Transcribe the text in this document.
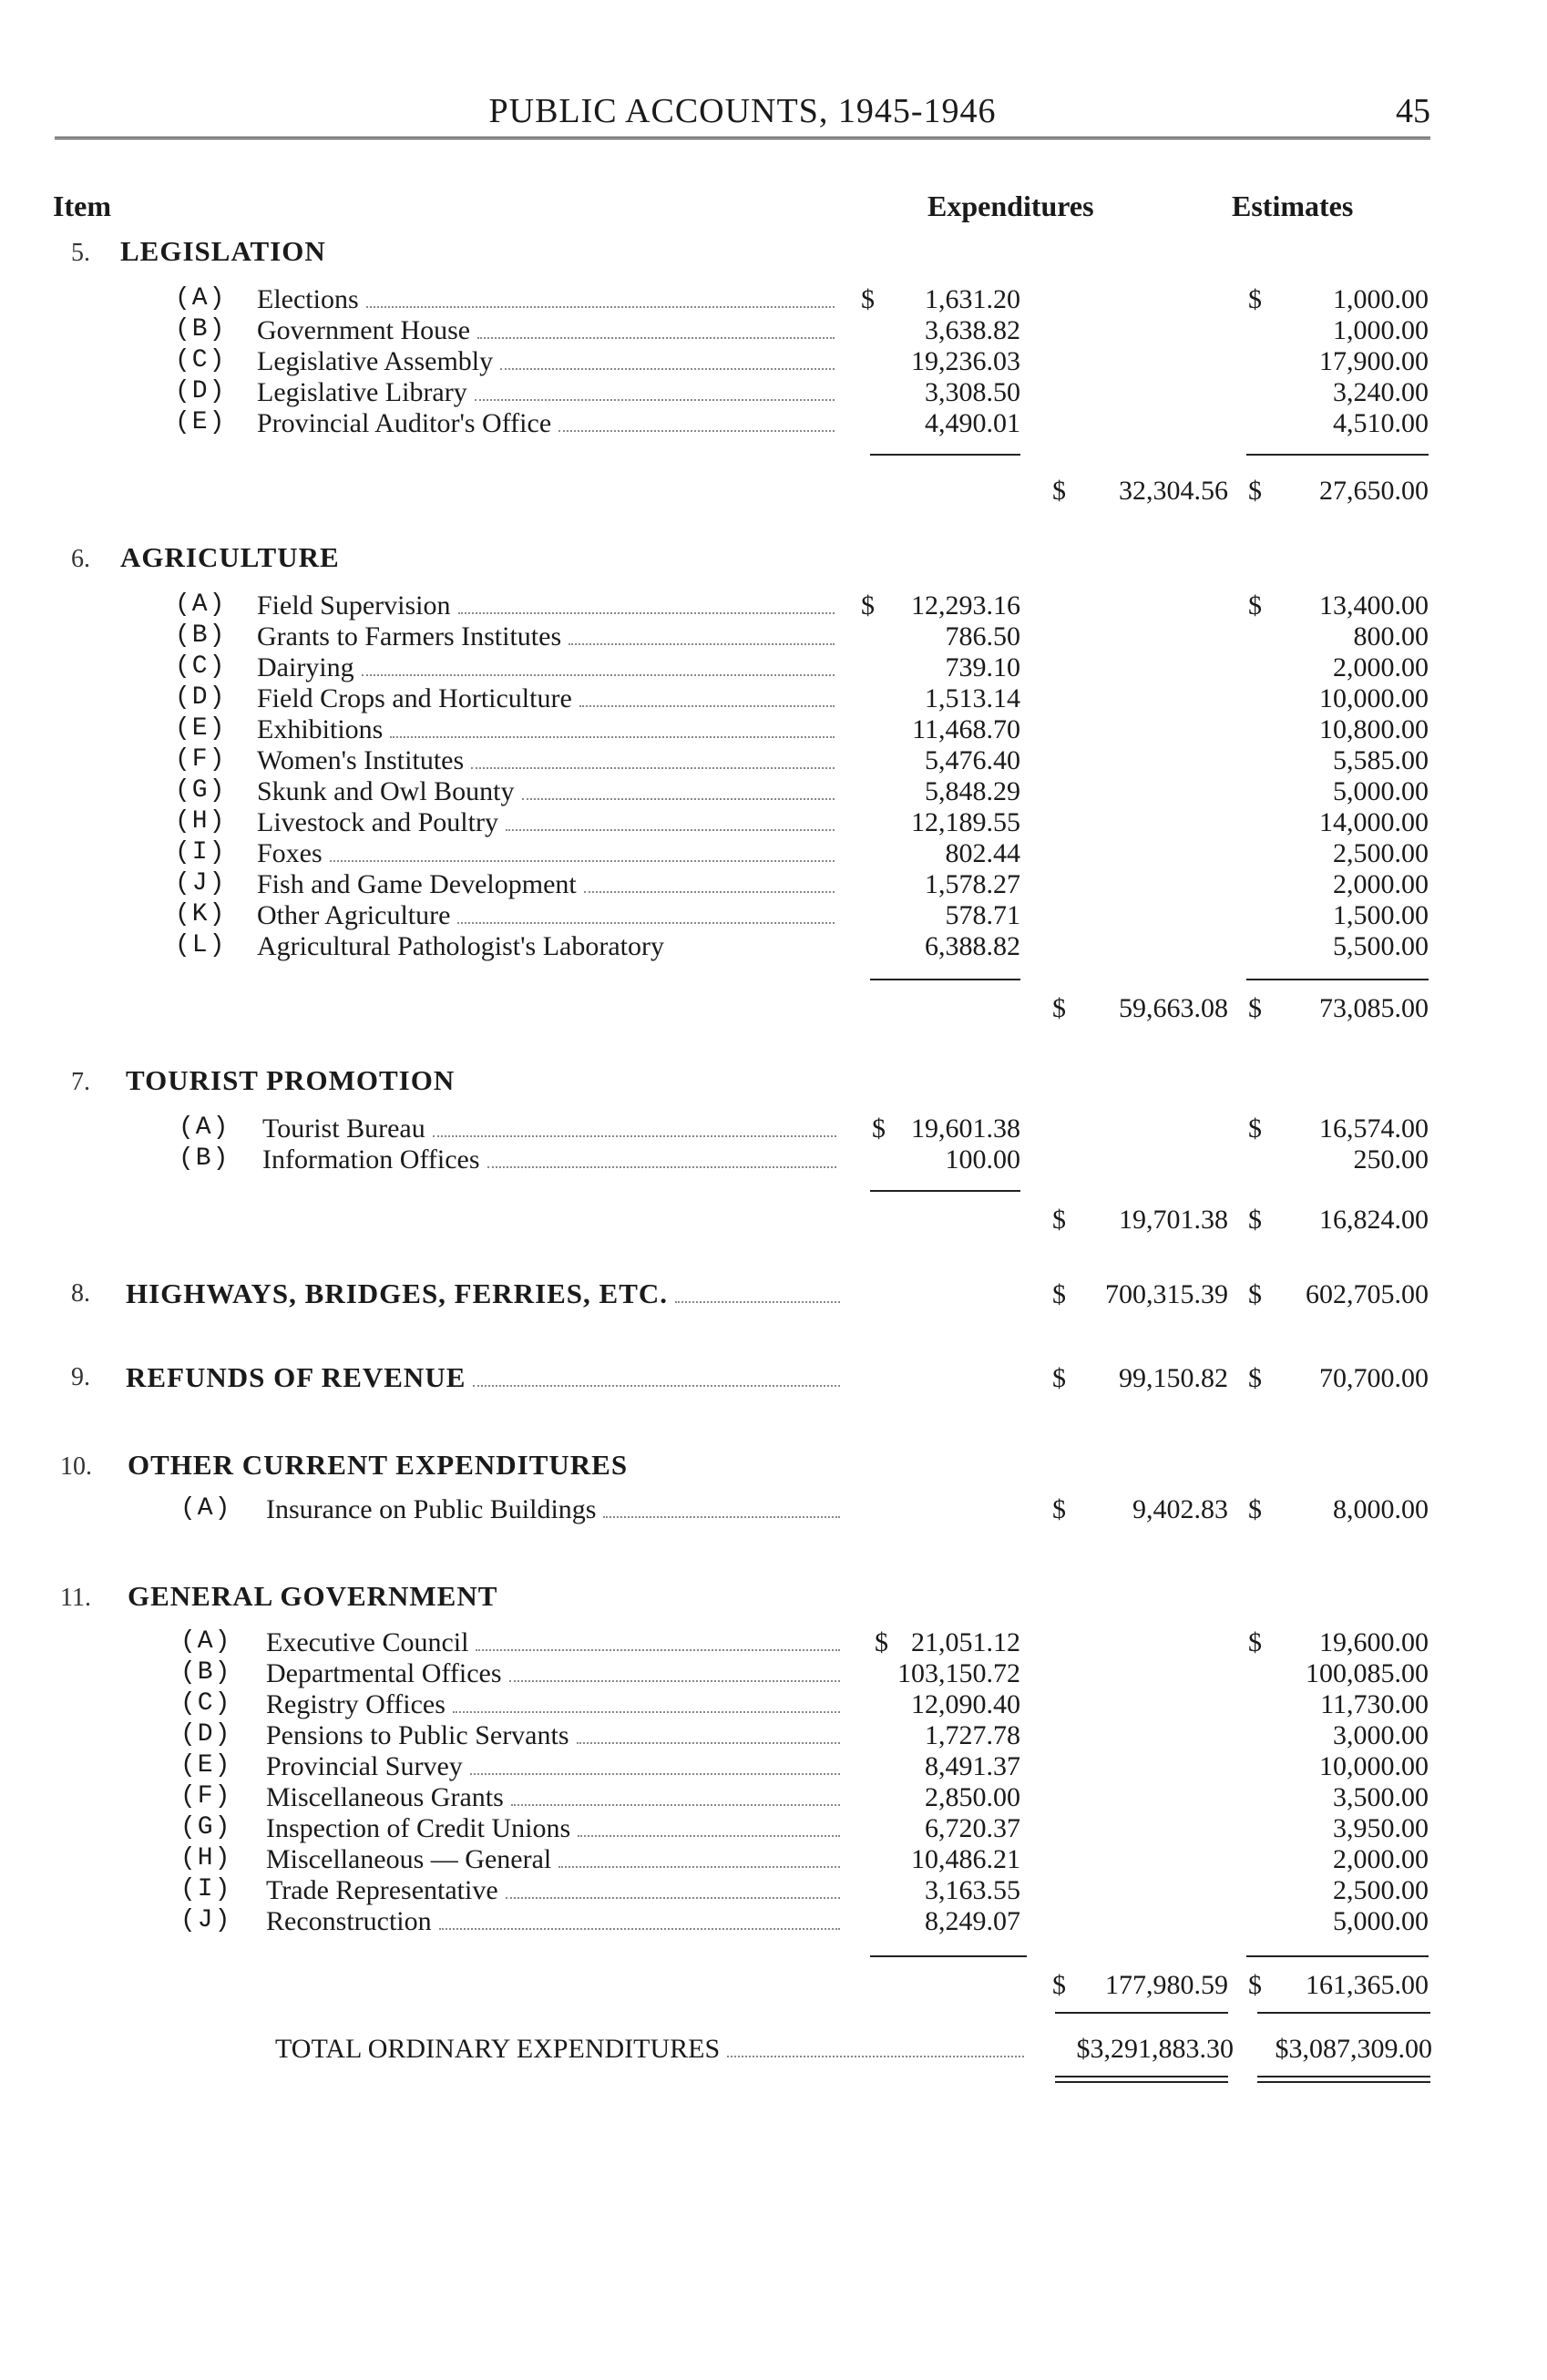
PUBLIC ACCOUNTS, 1945-1946	45
Item	Expenditures	Estimates
5. LEGISLATION
(A) Elections	$	1,631.20	$	1,000.00
(B) Government House	3,638.82	1,000.00
(C) Legislative Assembly	19,236.03	17,900.00
(D) Legislative Library	3,308.50	3,240.00
(E) Provincial Auditor's Office	4,490.01	4,510.00
$	32,304.56 $	27,650.00
6. AGRICULTURE
(A) Field Supervision	$	12,293.16	$	13,400.00
(B) Grants to Farmers Institutes	786.50	800.00
(C) Dairying	739.10	2,000.00
(D) Field Crops and Horticulture	1,513.14	10,000.00
(E) Exhibitions	11,468.70	10,800.00
(F) Women's Institutes	5,476.40	5,585.00
(G) Skunk and Owl Bounty	5,848.29	5,000.00
(H) Livestock and Poultry	12,189.55	14,000.00
(I) Foxes	802.44	2,500.00
(J) Fish and Game Development	1,578.27	2,000.00
(K) Other Agriculture	578.71	1,500.00
(L) Agricultural Pathologist's Laboratory	6,388.82	5,500.00
$	59,663.08 $	73,085.00
7. TOURIST PROMOTION
(A) Tourist Bureau	$ 19,601.38	$	16,574.00
(B) Information Offices	100.00	250.00
$	19,701.38 $	16,824.00
8. HIGHWAYS, BRIDGES, FERRIES, ETC.	$	700,315.39 $	602,705.00
9. REFUNDS OF REVENUE	$	99,150.82 $	70,700.00
10. OTHER CURRENT EXPENDITURES
(A) Insurance on Public Buildings	$	9,402.83 $	8,000.00
11. GENERAL GOVERNMENT
(A) Executive Council	$ 21,051.12	$	19,600.00
(B) Departmental Offices	103,150.72	100,085.00
(C) Registry Offices	12,090.40	11,730.00
(D) Pensions to Public Servants	1,727.78	3,000.00
(E) Provincial Survey	8,491.37	10,000.00
(F) Miscellaneous Grants	2,850.00	3,500.00
(G) Inspection of Credit Unions	6,720.37	3,950.00
(H) Miscellaneous — General	10,486.21	2,000.00
(I) Trade Representative	3,163.55	2,500.00
(J) Reconstruction	8,249.07	5,000.00
$	177,980.59 $	161,365.00
TOTAL ORDINARY EXPENDITURES	$3,291,883.30	$3,087,309.00
